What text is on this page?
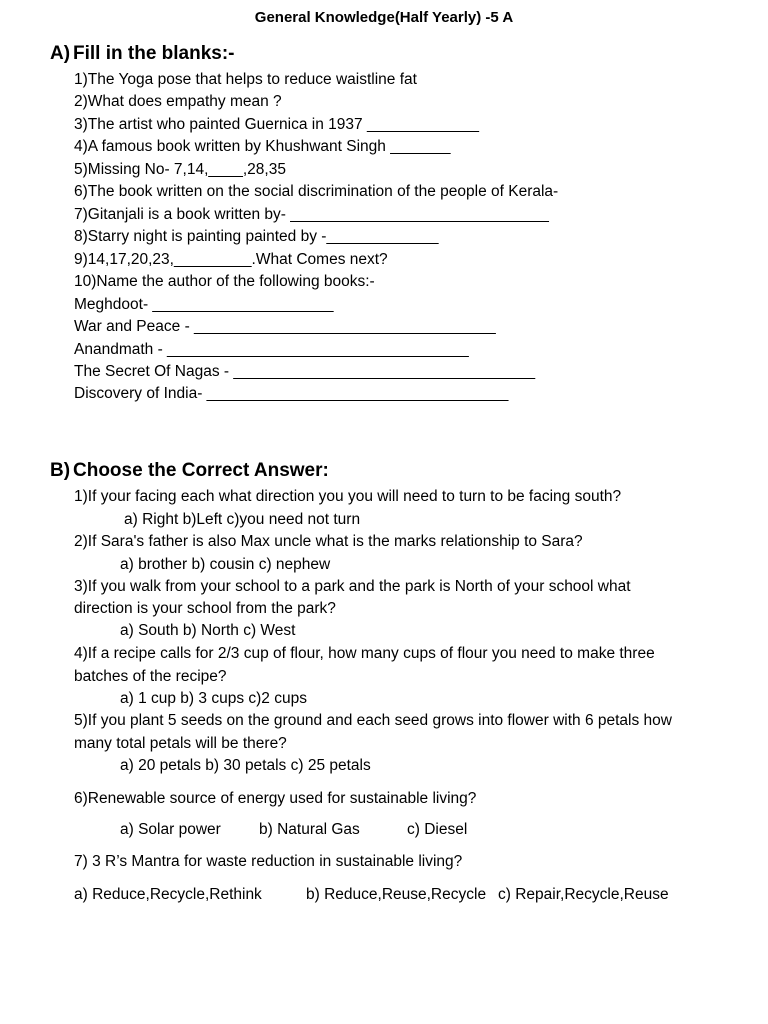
General Knowledge(Half Yearly) -5 A
A) Fill in the blanks:-
1)The Yoga pose that helps to reduce waistline fat
2)What does empathy mean ?
3)The artist who painted Guernica in 1937 _____________
4)A famous book written by Khushwant Singh _______
5)Missing No- 7,14,____,28,35
6)The book written on the social discrimination of the people of Kerala-
7)Gitanjali is a book written by- ______________________________
8)Starry night is painting painted by -_____________
9)14,17,20,23,_________.What Comes next?
10)Name the author of the following books:-
Meghdoot- _____________________
War and Peace - ___________________________________
Anandmath - ___________________________________
The Secret Of Nagas - ___________________________________
Discovery of India- ___________________________________
B) Choose the Correct Answer:
1)If your facing each what direction you you will need to turn to be facing south?
a) Right b)Left c)you need not turn
2)If Sara's father is also Max uncle what is the marks relationship to Sara?
a) brother b) cousin c) nephew
3)If you walk from your school to a park and the park is North of your school what
direction is your school from the park?
a) South b) North c) West
4)If a recipe calls for 2/3 cup of flour, how many cups of flour you need to make three
batches of the recipe?
a) 1 cup b) 3 cups c)2 cups
5)If you plant 5 seeds on the ground and each seed grows into flower with 6 petals how
many total petals will be there?
a) 20 petals b) 30 petals c) 25 petals
6)Renewable source of energy used for sustainable living?
a) Solar power b) Natural Gas	c) Diesel
7) 3 R’s Mantra for waste reduction in sustainable living?
a) Reduce,Recycle,Rethink	b) Reduce,Reuse,Recycle c) Repair,Recycle,Reuse
